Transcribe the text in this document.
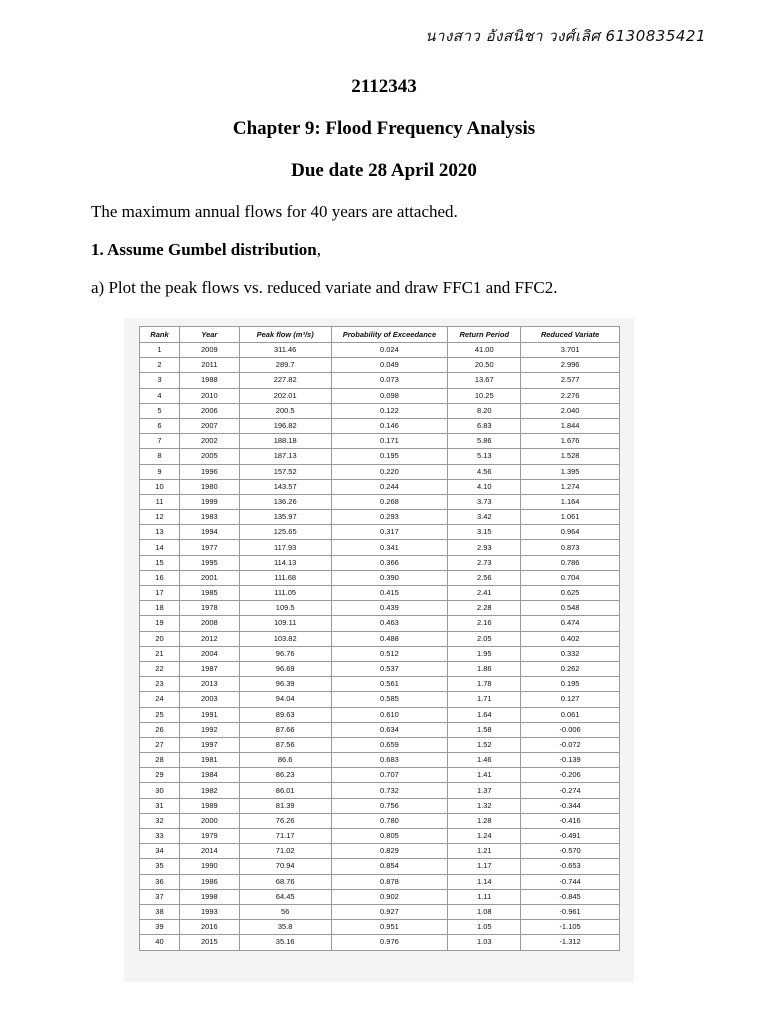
นางสาว อังสนิชา วงศ์เลิศ 6130835421
2112343
Chapter 9: Flood Frequency Analysis
Due date 28 April 2020
The maximum annual flows for 40 years are attached.
1. Assume Gumbel distribution,
a) Plot the peak flows vs. reduced variate and draw FFC1 and FFC2.
Rank	Year	Peak flow (m³/s)	Probability of Exceedance	Return Period	Reduced Variate
1	2009	311.46	0.024	41.00	3.701
2	2011	289.7	0.049	20.50	2.996
3	1988	227.82	0.073	13.67	2.577
4	2010	202.01	0.098	10.25	2.276
5	2006	200.5	0.122	8.20	2.040
6	2007	196.82	0.146	6.83	1.844
7	2002	188.18	0.171	5.86	1.676
8	2005	187.13	0.195	5.13	1.528
9	1996	157.52	0.220	4.56	1.395
10	1980	143.57	0.244	4.10	1.274
11	1999	136.26	0.268	3.73	1.164
12	1983	135.97	0.293	3.42	1.061
13	1994	125.65	0.317	3.15	0.964
14	1977	117.93	0.341	2.93	0.873
15	1995	114.13	0.366	2.73	0.786
16	2001	111.68	0.390	2.56	0.704
17	1985	111.05	0.415	2.41	0.625
18	1978	109.5	0.439	2.28	0.548
19	2008	109.11	0.463	2.16	0.474
20	2012	103.82	0.488	2.05	0.402
21	2004	96.76	0.512	1.95	0.332
22	1987	96.69	0.537	1.86	0.262
23	2013	96.39	0.561	1.78	0.195
24	2003	94.04	0.585	1.71	0.127
25	1991	89.63	0.610	1.64	0.061
26	1992	87.66	0.634	1.58	-0.006
27	1997	87.56	0.659	1.52	-0.072
28	1981	86.6	0.683	1.46	-0.139
29	1984	86.23	0.707	1.41	-0.206
30	1982	86.01	0.732	1.37	-0.274
31	1989	81.39	0.756	1.32	-0.344
32	2000	76.26	0.780	1.28	-0.416
33	1979	71.17	0.805	1.24	-0.491
34	2014	71.02	0.829	1.21	-0.570
35	1990	70.94	0.854	1.17	-0.653
36	1986	68.76	0.878	1.14	-0.744
37	1998	64.45	0.902	1.11	-0.845
38	1993	56	0.927	1.08	-0.961
39	2016	35.8	0.951	1.05	-1.105
40	2015	35.16	0.976	1.03	-1.312
